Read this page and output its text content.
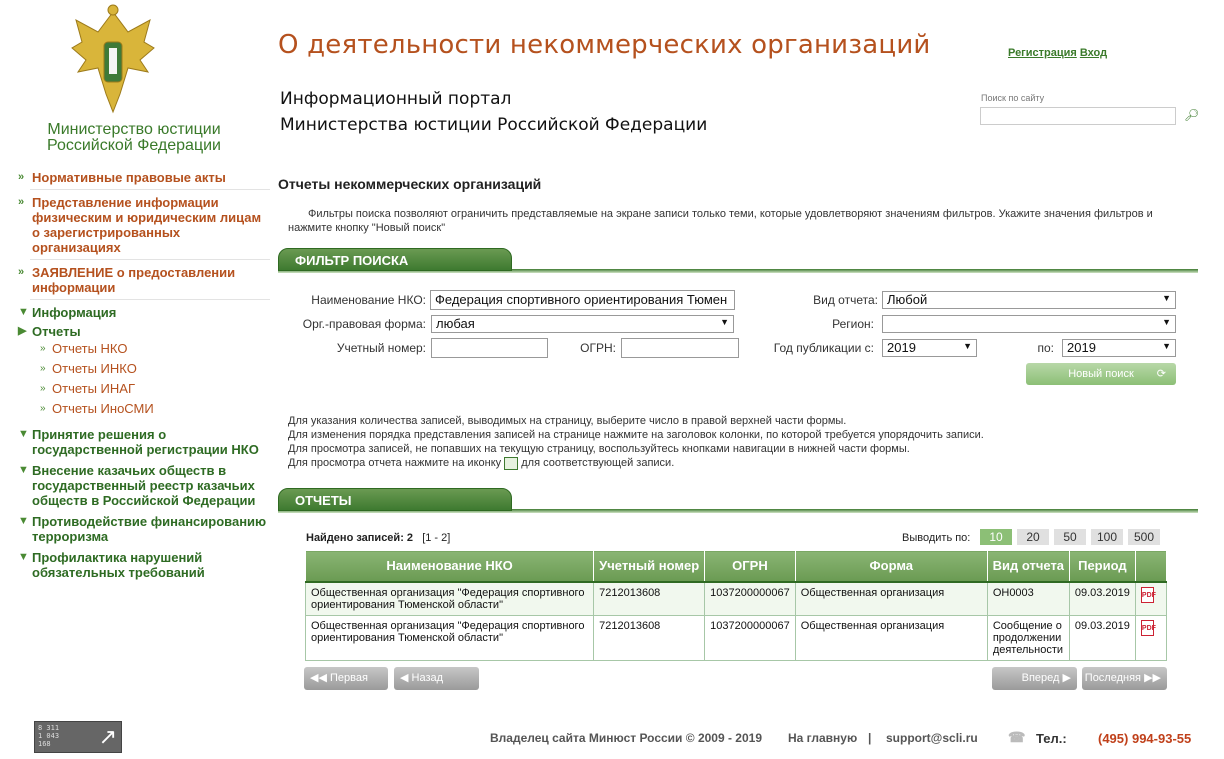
Министерство юстиции Российской Федерации
О деятельности некоммерческих организаций
Информационный портал
Министерства юстиции Российской Федерации
Регистрация Вход
Поиск по сайту
🔎︎
» Нормативные правовые акты
» Представление информации физическим и юридическим лицам о зарегистрированных организациях
» ЗАЯВЛЕНИЕ о предоставлении информации
▼ Информация
▶ Отчеты
» Отчеты НКО
» Отчеты ИНКО
» Отчеты ИНАГ
» Отчеты ИноСМИ
▼ Принятие решения о государственной регистрации НКО
▼ Внесение казачьих обществ в государственный реестр казачьих обществ в Российской Федерации
▼ Противодействие финансированию терроризма
▼ Профилактика нарушений обязательных требований
Отчеты некоммерческих организаций
Фильтры поиска позволяют ограничить представляемые на экране записи только теми, которые удовлетворяют значениям фильтров. Укажите значения фильтров и нажмите кнопку "Новый поиск"
ФИЛЬТР ПОИСКА
Наименование НКО: Федерация спортивного ориентирования Тюмен
Орг.-правовая форма: любая	▼
Учетный номер:	ОГРН:
Вид отчета: Любой	▼
Регион:	▼
Год публикации с:	2019	▼	по:	2019	▼
Новый поиск ⟳
Для указания количества записей, выводимых на страницу, выберите число в правой верхней части формы.
Для изменения порядка представления записей на странице нажмите на заголовок колонки, по которой требуется упорядочить записи.
Для просмотра записей, не попавших на текущую страницу, воспользуйтесь кнопками навигации в нижней части формы.
Для просмотра отчета нажмите на иконку для соответствующей записи.
ОТЧЕТЫ
Найдено записей: 2 [1 - 2]	Выводить по:	10	20	50	100	500
Наименование НКО	Учетный номер	ОГРН	Форма	Вид отчета	Период	
Общественная организация "Федерация спортивного ориентирования Тюменской области"	7212013608	1037200000067	Общественная организация	ОН0003	09.03.2019	PDF
Общественная организация "Федерация спортивного ориентирования Тюменской области"	7212013608	1037200000067	Общественная организация	Сообщение о продолжении деятельности	09.03.2019	PDF
◀◀ Первая	◀ Назад	Вперед ▶	Последняя ▶▶
8 311
1 043
168	↗	Владелец сайта Минюст России © 2009 - 2019 На главную | support@scli.ru ☎ Тел.: (495) 994-93-55
